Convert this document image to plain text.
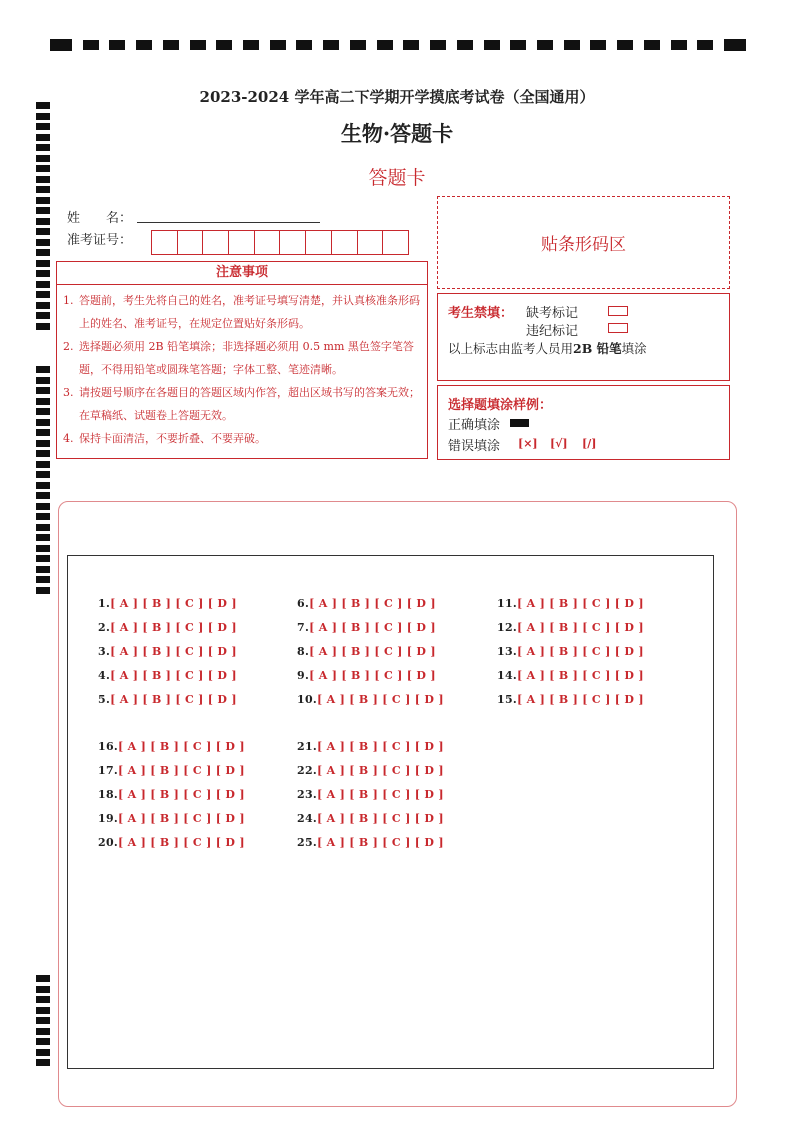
2023-2024 学年高二下学期开学摸底考试卷（全国通用）
生物·答题卡
答题卡
姓　　名：
准考证号：
注意事项
1. 答题前，考生先将自己的姓名，准考证号填写清楚，并认真核准条形码上的姓名、准考证号，在规定位置贴好条形码。
2. 选择题必须用 2B 铅笔填涂；非选择题必须用 0.5 mm 黑色签字笔答题，不得用铅笔或圆珠笔答题；字体工整、笔迹清晰。
3. 请按题号顺序在各题目的答题区域内作答，超出区域书写的答案无效；在草稿纸、试题卷上答题无效。
4. 保持卡面清洁，不要折叠、不要弄破。
贴条形码区
考生禁填： 缺考标记
违纪标记
以上标志由监考人员用2B 铅笔填涂
选择题填涂样例：
正确填涂
错误填涂 [×] [√] [/]
1.[ A ] [ B ] [ C ] [ D ]
2.[ A ] [ B ] [ C ] [ D ]
3.[ A ] [ B ] [ C ] [ D ]
4.[ A ] [ B ] [ C ] [ D ]
5.[ A ] [ B ] [ C ] [ D ]
6.[ A ] [ B ] [ C ] [ D ]
7.[ A ] [ B ] [ C ] [ D ]
8.[ A ] [ B ] [ C ] [ D ]
9.[ A ] [ B ] [ C ] [ D ]
10.[ A ] [ B ] [ C ] [ D ]
11.[ A ] [ B ] [ C ] [ D ]
12.[ A ] [ B ] [ C ] [ D ]
13.[ A ] [ B ] [ C ] [ D ]
14.[ A ] [ B ] [ C ] [ D ]
15.[ A ] [ B ] [ C ] [ D ]
16.[ A ] [ B ] [ C ] [ D ]
17.[ A ] [ B ] [ C ] [ D ]
18.[ A ] [ B ] [ C ] [ D ]
19.[ A ] [ B ] [ C ] [ D ]
20.[ A ] [ B ] [ C ] [ D ]
21.[ A ] [ B ] [ C ] [ D ]
22.[ A ] [ B ] [ C ] [ D ]
23.[ A ] [ B ] [ C ] [ D ]
24.[ A ] [ B ] [ C ] [ D ]
25.[ A ] [ B ] [ C ] [ D ]
